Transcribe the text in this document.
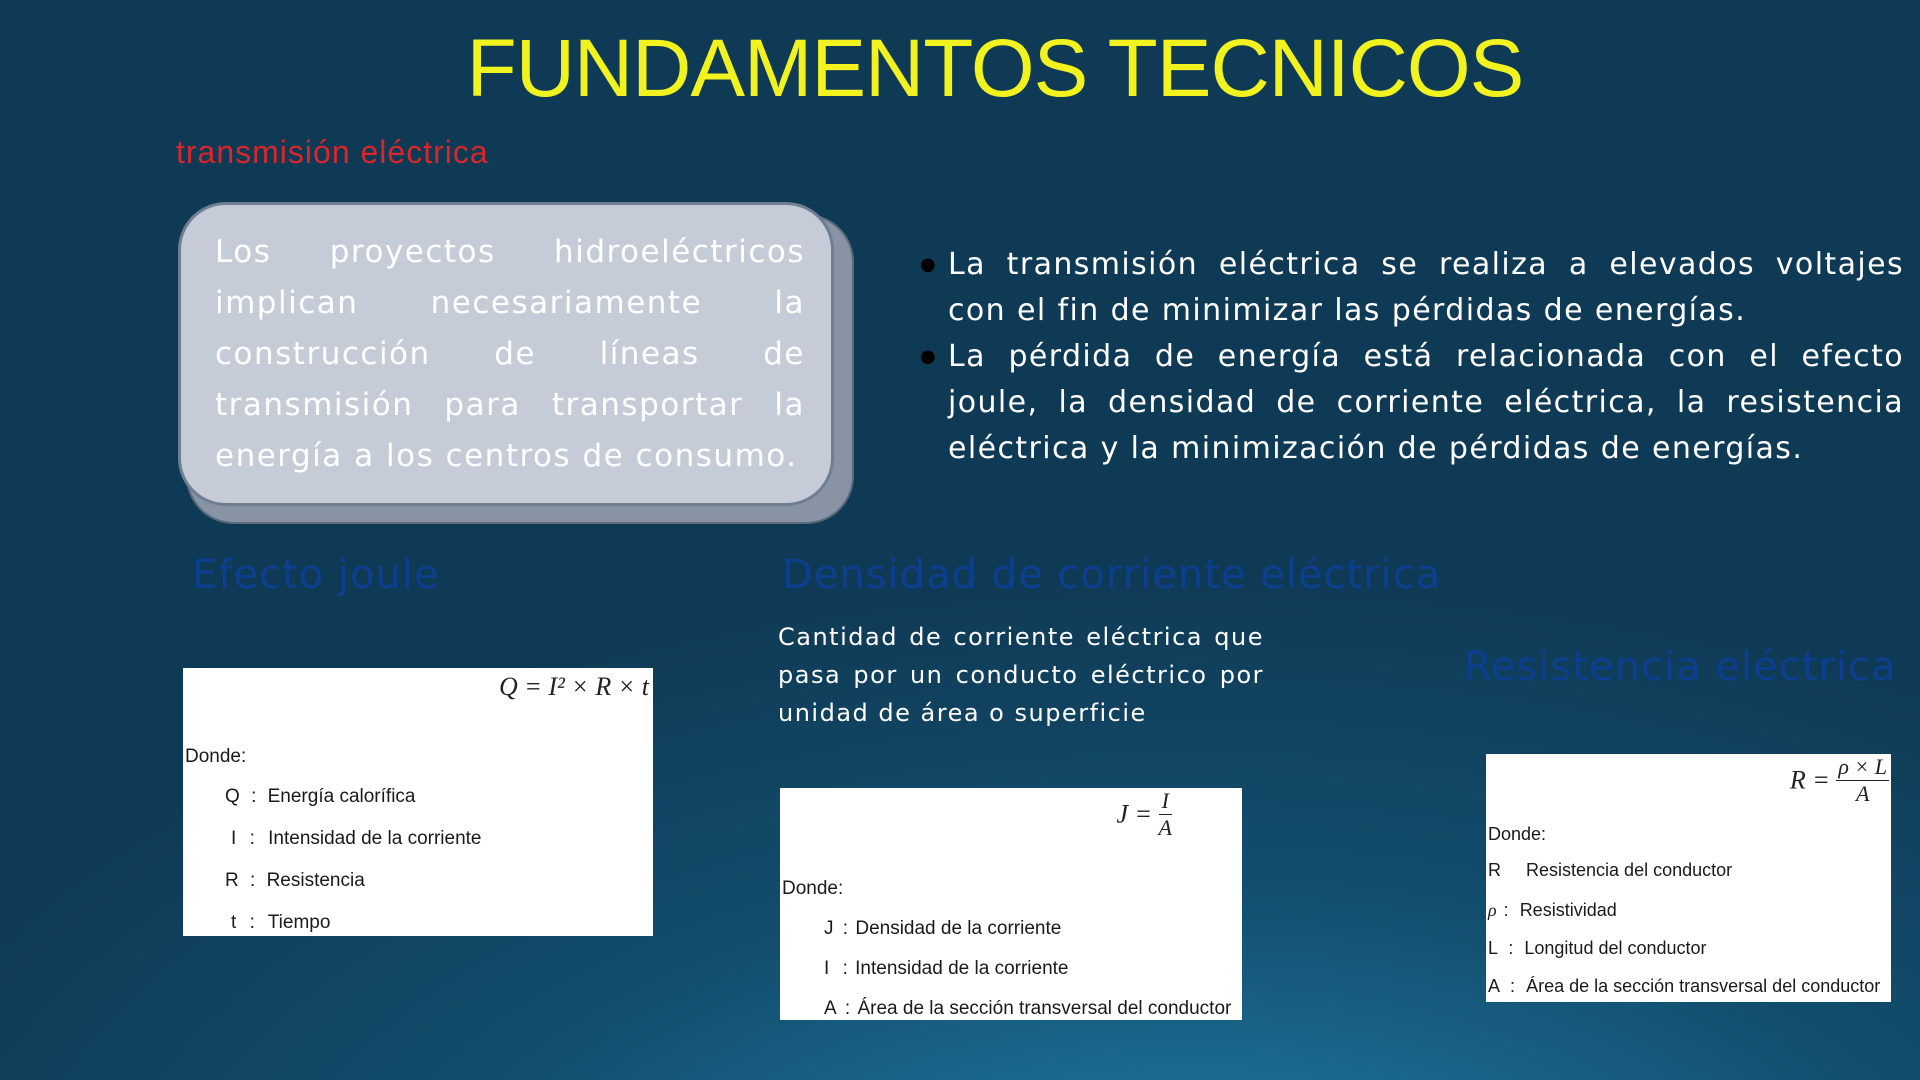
FUNDAMENTOS TECNICOS
transmisión eléctrica

Los proyectos hidroeléctricos implican necesariamente la construcción de líneas de transmisión para transportar la energía a los centros de consumo.

● La transmisión eléctrica se realiza a elevados voltajes con el fin de minimizar las pérdidas de energías.
● La pérdida de energía está relacionada con el efecto joule, la densidad de corriente eléctrica, la resistencia eléctrica y la minimización de pérdidas de energías.
Efecto joule	Densidad de corriente eléctrica
Resistencia eléctrica

Cantidad de corriente eléctrica que pasa por un conducto eléctrico por unidad de área o superficie

Q = I² × R × t
Donde:
Q : Energía calorífica
I : Intensidad de la corriente
R : Resistencia
t : Tiempo
$J = \frac{I}{A}$
Donde:
J : Densidad de la corriente
I : Intensidad de la corriente
A : Área de la sección transversal del conductor
$R = \frac{\rho \times L}{A}$
Donde:
R Resistencia del conductor
ρ : Resistividad
L : Longitud del conductor
A : Área de la sección transversal del conductor
